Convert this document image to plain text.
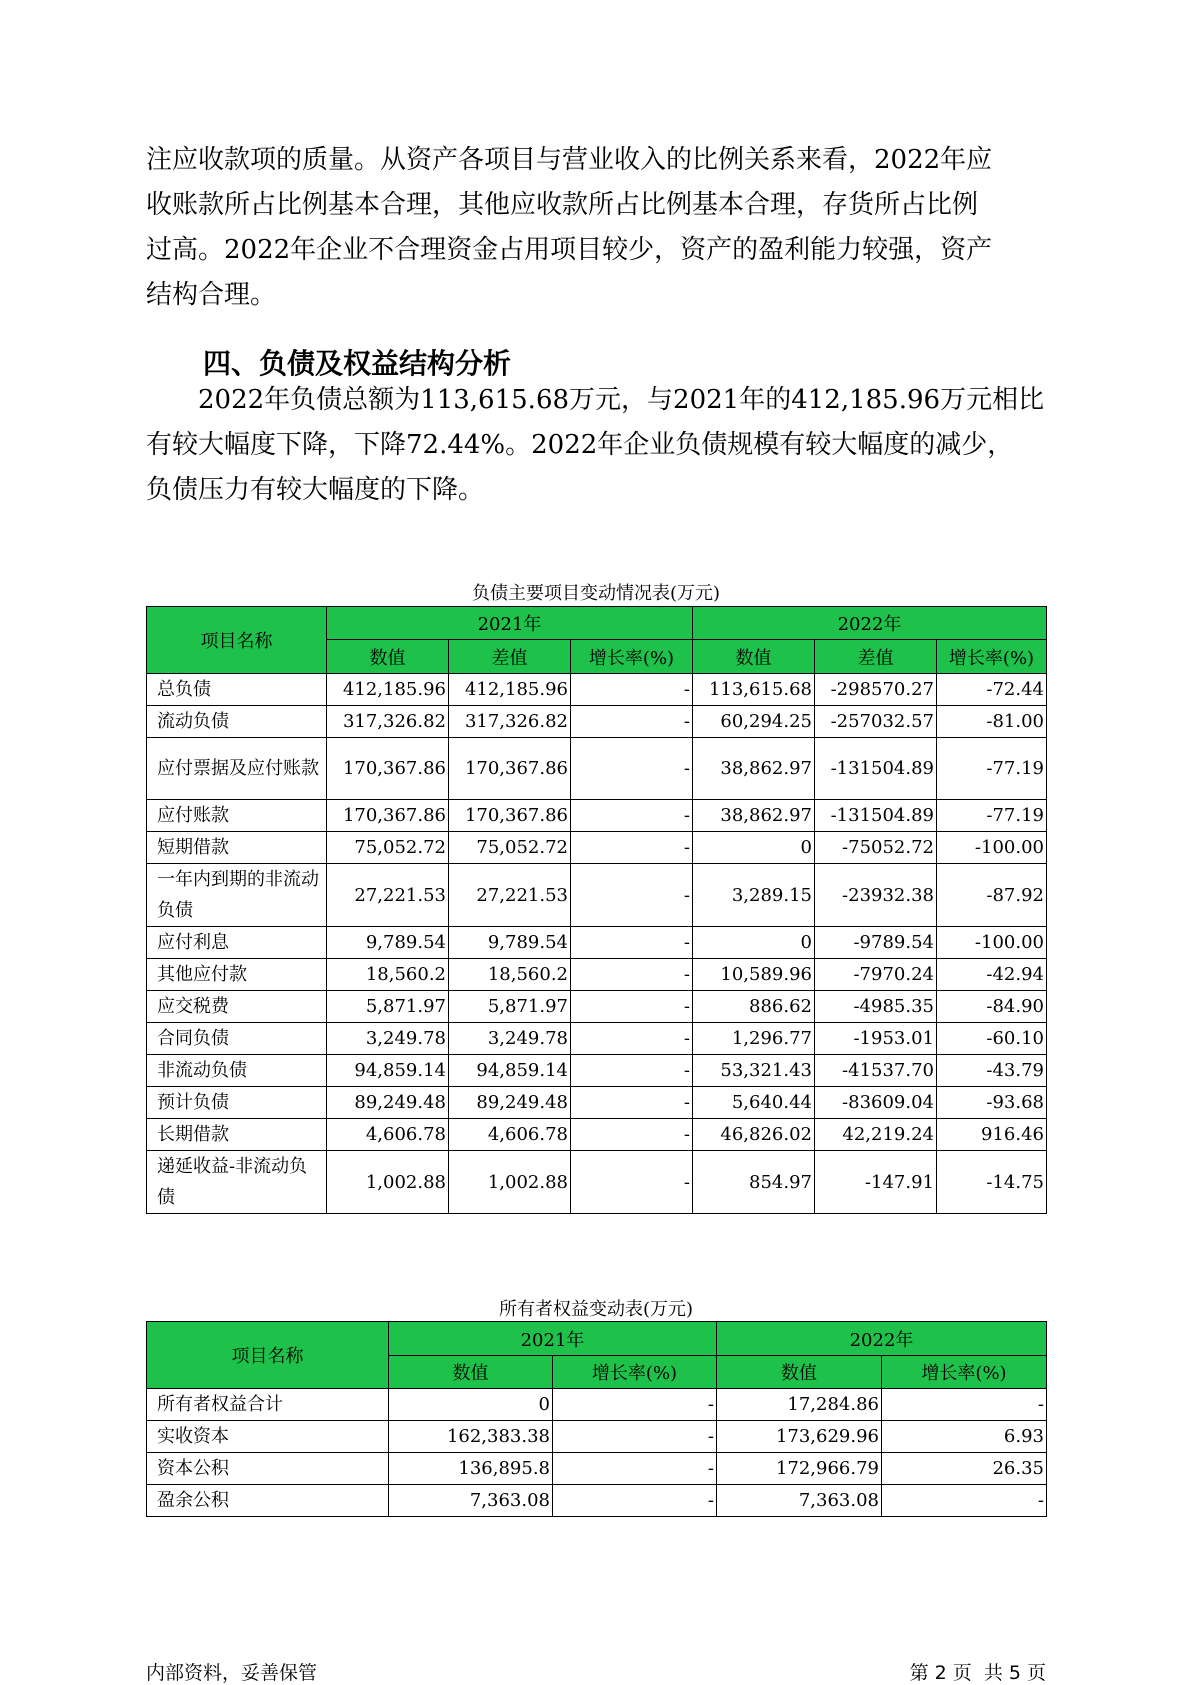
注应收款项的质量。从资产各项目与营业收入的比例关系来看，2022年应
收账款所占比例基本合理，其他应收款所占比例基本合理，存货所占比例
过高。2022年企业不合理资金占用项目较少，资产的盈利能力较强，资产
结构合理。
四、负债及权益结构分析
2022年负债总额为113,615.68万元，与2021年的412,185.96万元相比
有较大幅度下降，下降72.44%。2022年企业负债规模有较大幅度的减少，
负债压力有较大幅度的下降。

负债主要项目变动情况表(万元)

项目名称	2021年			2022年		
	数值	差值	增长率(%)	数值	差值	增长率(%)
总负债	412,185.96	412,185.96	-	113,615.68	-298570.27	-72.44
流动负债	317,326.82	317,326.82	-	60,294.25	-257032.57	-81.00
应付票据及应付账款	170,367.86	170,367.86	-	38,862.97	-131504.89	-77.19
应付账款	170,367.86	170,367.86	-	38,862.97	-131504.89	-77.19
短期借款	75,052.72	75,052.72	-	0	-75052.72	-100.00
一年内到期的非流动负债	27,221.53	27,221.53	-	3,289.15	-23932.38	-87.92
应付利息	9,789.54	9,789.54	-	0	-9789.54	-100.00
其他应付款	18,560.2	18,560.2	-	10,589.96	-7970.24	-42.94
应交税费	5,871.97	5,871.97	-	886.62	-4985.35	-84.90
合同负债	3,249.78	3,249.78	-	1,296.77	-1953.01	-60.10
非流动负债	94,859.14	94,859.14	-	53,321.43	-41537.70	-43.79
预计负债	89,249.48	89,249.48	-	5,640.44	-83609.04	-93.68
长期借款	4,606.78	4,606.78	-	46,826.02	42,219.24	916.46
递延收益-非流动负债	1,002.88	1,002.88	-	854.97	-147.91	-14.75

所有者权益变动表(万元)

项目名称	2021年		2022年	
	数值	增长率(%)	数值	增长率(%)
所有者权益合计	0	-	17,284.86	-
实收资本	162,383.38	-	173,629.96	6.93
资本公积	136,895.8	-	172,966.79	26.35
盈余公积	7,363.08	-	7,363.08	-

内部资料，妥善保管	第 2 页  共 5 页
